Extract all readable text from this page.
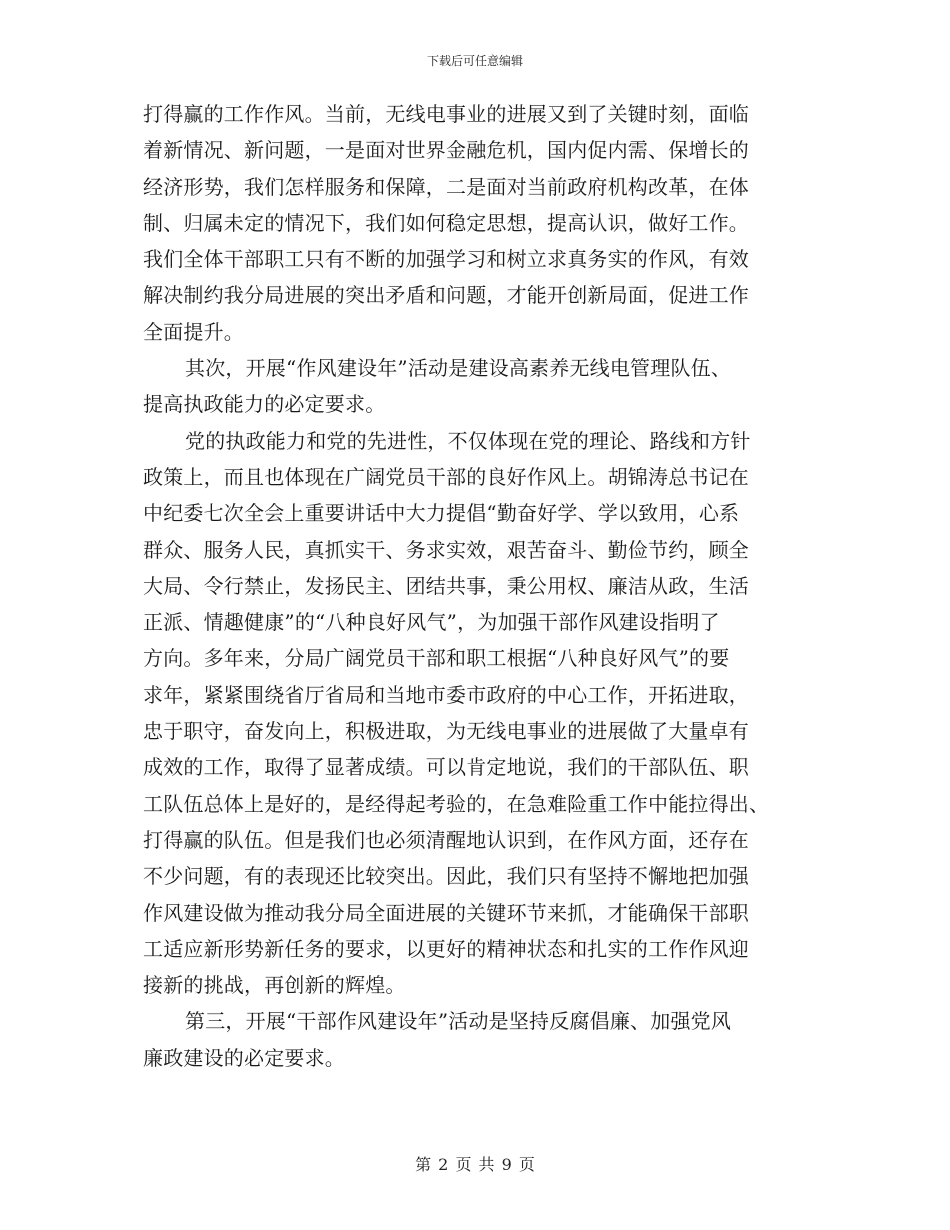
下载后可任意编辑
打得赢的工作作风。当前，无线电事业的进展又到了关键时刻，面临
着新情况、新问题，一是面对世界金融危机，国内促内需、保增长的
经济形势，我们怎样服务和保障，二是面对当前政府机构改革，在体
制、归属未定的情况下，我们如何稳定思想，提高认识，做好工作。
我们全体干部职工只有不断的加强学习和树立求真务实的作风，有效
解决制约我分局进展的突出矛盾和问题，才能开创新局面，促进工作
全面提升。
其次，开展“作风建设年”活动是建设高素养无线电管理队伍、
提高执政能力的必定要求。
党的执政能力和党的先进性，不仅体现在党的理论、路线和方针
政策上，而且也体现在广阔党员干部的良好作风上。胡锦涛总书记在
中纪委七次全会上重要讲话中大力提倡“勤奋好学、学以致用，心系
群众、服务人民，真抓实干、务求实效，艰苦奋斗、勤俭节约，顾全
大局、令行禁止，发扬民主、团结共事，秉公用权、廉洁从政，生活
正派、情趣健康”的“八种良好风气”，为加强干部作风建设指明了
方向。多年来，分局广阔党员干部和职工根据“八种良好风气”的要
求年，紧紧围绕省厅省局和当地市委市政府的中心工作，开拓进取，
忠于职守，奋发向上，积极进取，为无线电事业的进展做了大量卓有
成效的工作，取得了显著成绩。可以肯定地说，我们的干部队伍、职
工队伍总体上是好的，是经得起考验的，在急难险重工作中能拉得出、
打得赢的队伍。但是我们也必须清醒地认识到，在作风方面，还存在
不少问题，有的表现还比较突出。因此，我们只有坚持不懈地把加强
作风建设做为推动我分局全面进展的关键环节来抓，才能确保干部职
工适应新形势新任务的要求，以更好的精神状态和扎实的工作作风迎
接新的挑战，再创新的辉煌。
第三，开展“干部作风建设年”活动是坚持反腐倡廉、加强党风
廉政建设的必定要求。
第 2 页 共 9 页
